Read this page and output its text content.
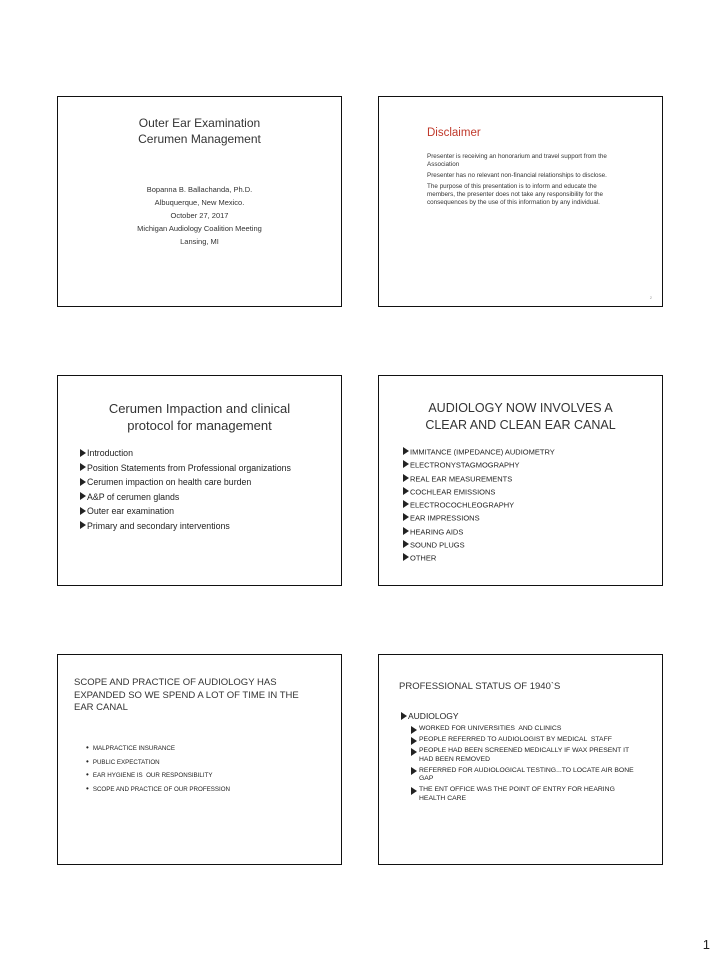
Outer Ear Examination
Cerumen Management
Bopanna B. Ballachanda, Ph.D.
Albuquerque, New Mexico.
October 27, 2017
Michigan Audiology Coalition Meeting
Lansing, MI
Disclaimer
Presenter is receiving an honorarium and travel support from the Association
Presenter has no relevant non-financial relationships to disclose.
The purpose of this presentation is to inform and educate the members, the presenter does not take any responsibility for the consequences by the use of this information by any individual.
2
Cerumen Impaction and clinical
protocol for management
Introduction
Position Statements from Professional organizations
Cerumen impaction on health care burden
A&P of cerumen glands
Outer ear examination
Primary and secondary interventions
AUDIOLOGY NOW INVOLVES A
CLEAR AND CLEAN EAR CANAL
IMMITANCE (IMPEDANCE) AUDIOMETRY
ELECTRONYSTAGMOGRAPHY
REAL EAR MEASUREMENTS
COCHLEAR EMISSIONS
ELECTROCOCHLEOGRAPHY
EAR IMPRESSIONS
HEARING AIDS
SOUND PLUGS
OTHER
SCOPE AND PRACTICE OF AUDIOLOGY HAS
EXPANDED SO WE SPEND A LOT OF TIME IN THE
EAR CANAL
• MALPRACTICE INSURANCE
• PUBLIC EXPECTATION
• EAR HYGIENE IS  OUR RESPONSIBILITY
• SCOPE AND PRACTICE OF OUR PROFESSION
PROFESSIONAL STATUS OF 1940`S
AUDIOLOGY
WORKED FOR UNIVERSITIES  AND CLINICS
PEOPLE REFERRED TO AUDIOLOGIST BY MEDICAL  STAFF
PEOPLE HAD BEEN SCREENED MEDICALLY IF WAX PRESENT IT HAD BEEN REMOVED
REFERRED FOR AUDIOLOGICAL TESTING...TO LOCATE AIR BONE GAP
THE ENT OFFICE WAS THE POINT OF ENTRY FOR HEARING HEALTH CARE
1
